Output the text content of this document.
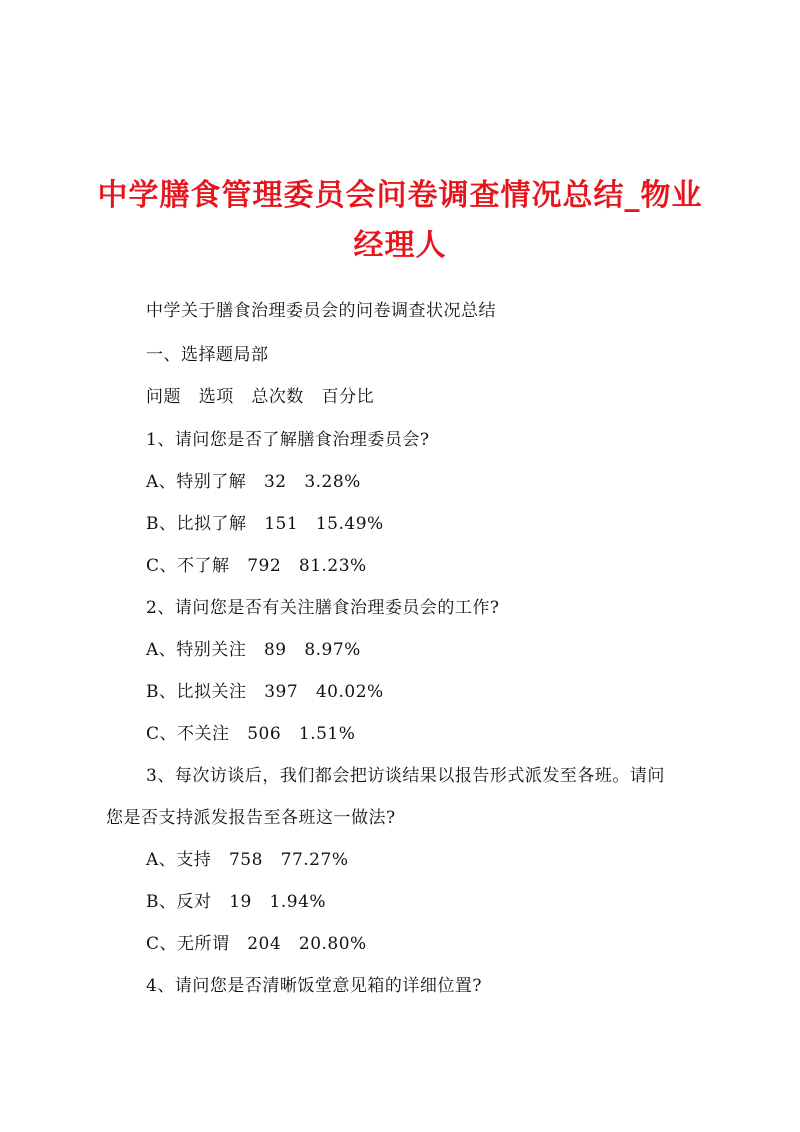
中学膳食管理委员会问卷调查情况总结_物业
经理人
中学关于膳食治理委员会的问卷调查状况总结
一、选择题局部
问题   选项   总次数   百分比
1、请问您是否了解膳食治理委员会?
A、特别了解   32   3.28%
B、比拟了解   151   15.49%
C、不了解   792   81.23%
2、请问您是否有关注膳食治理委员会的工作?
A、特别关注   89   8.97%
B、比拟关注   397   40.02%
C、不关注   506   1.51%
3、每次访谈后，我们都会把访谈结果以报告形式派发至各班。请问
您是否支持派发报告至各班这一做法?
A、支持   758   77.27%
B、反对   19   1.94%
C、无所谓   204   20.80%
4、请问您是否清晰饭堂意见箱的详细位置?
